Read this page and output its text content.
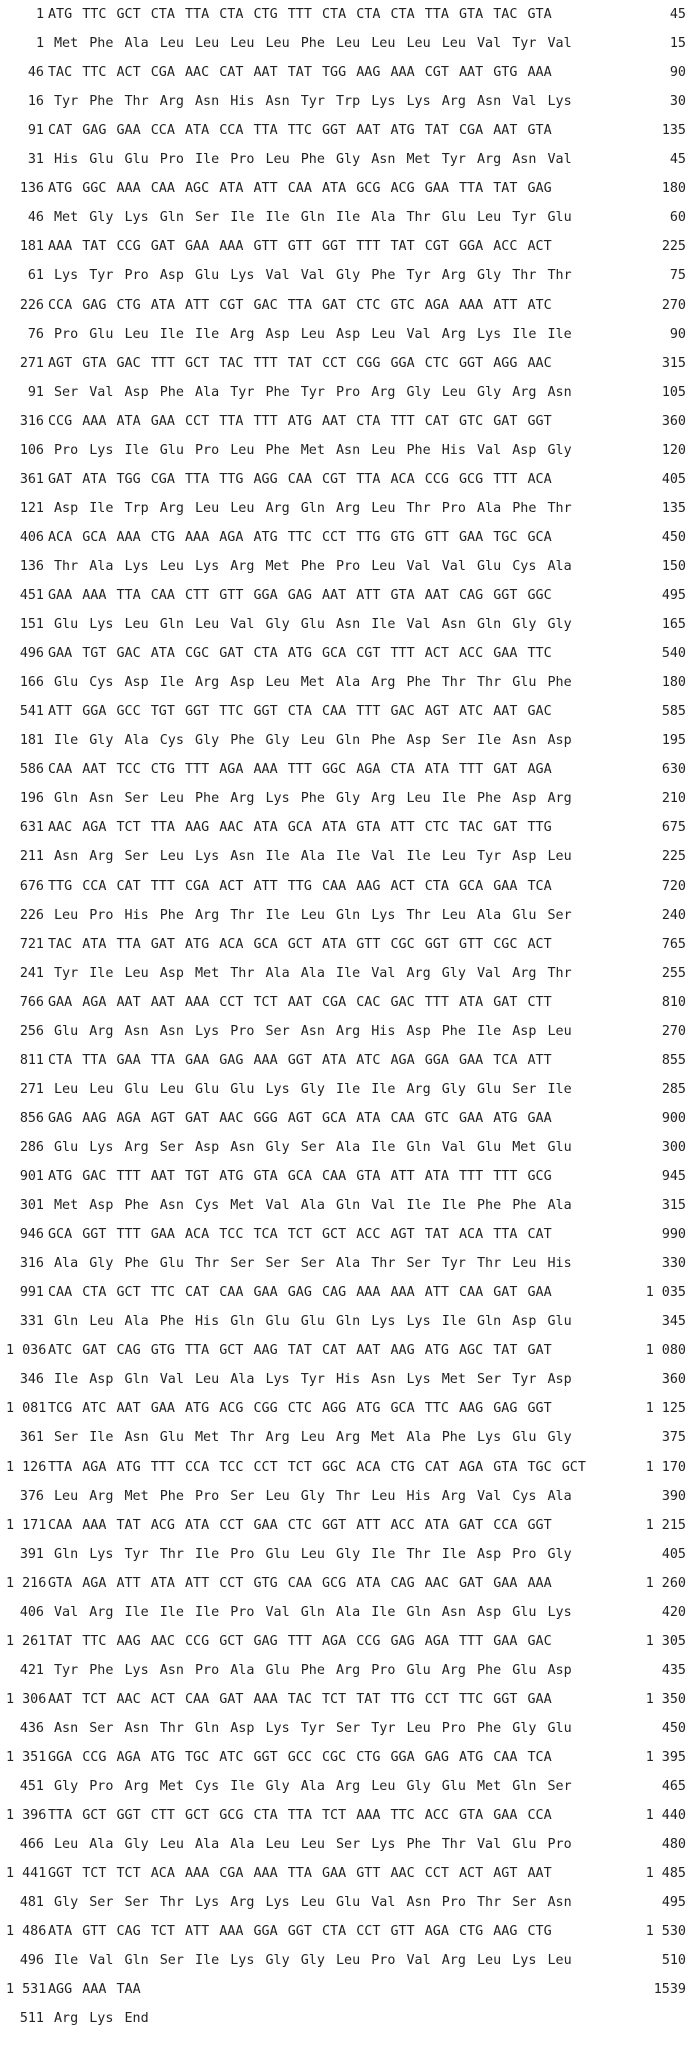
1 ATG TTC GCT CTA TTA CTA CTG TTT CTA CTA CTA TTA GTA TAC GTA	45
1 Met Phe Ala Leu Leu Leu Leu Phe Leu Leu Leu Leu Val Tyr Val	15
46 TAC TTC ACT CGA AAC CAT AAT TAT TGG AAG AAA CGT AAT GTG AAA	90
16 Tyr Phe Thr Arg Asn His Asn Tyr Trp Lys Lys Arg Asn Val Lys	30
91 CAT GAG GAA CCA ATA CCA TTA TTC GGT AAT ATG TAT CGA AAT GTA	135
31 His Glu Glu Pro Ile Pro Leu Phe Gly Asn Met Tyr Arg Asn Val	45
136 ATG GGC AAA CAA AGC ATA ATT CAA ATA GCG ACG GAA TTA TAT GAG	180
46 Met Gly Lys Gln Ser Ile Ile Gln Ile Ala Thr Glu Leu Tyr Glu	60
181 AAA TAT CCG GAT GAA AAA GTT GTT GGT TTT TAT CGT GGA ACC ACT	225
61 Lys Tyr Pro Asp Glu Lys Val Val Gly Phe Tyr Arg Gly Thr Thr	75
226 CCA GAG CTG ATA ATT CGT GAC TTA GAT CTC GTC AGA AAA ATT ATC	270
76 Pro Glu Leu Ile Ile Arg Asp Leu Asp Leu Val Arg Lys Ile Ile	90
271 AGT GTA GAC TTT GCT TAC TTT TAT CCT CGG GGA CTC GGT AGG AAC	315
91 Ser Val Asp Phe Ala Tyr Phe Tyr Pro Arg Gly Leu Gly Arg Asn	105
316 CCG AAA ATA GAA CCT TTA TTT ATG AAT CTA TTT CAT GTC GAT GGT	360
106 Pro Lys Ile Glu Pro Leu Phe Met Asn Leu Phe His Val Asp Gly	120
361 GAT ATA TGG CGA TTA TTG AGG CAA CGT TTA ACA CCG GCG TTT ACA	405
121 Asp Ile Trp Arg Leu Leu Arg Gln Arg Leu Thr Pro Ala Phe Thr	135
406 ACA GCA AAA CTG AAA AGA ATG TTC CCT TTG GTG GTT GAA TGC GCA	450
136 Thr Ala Lys Leu Lys Arg Met Phe Pro Leu Val Val Glu Cys Ala	150
451 GAA AAA TTA CAA CTT GTT GGA GAG AAT ATT GTA AAT CAG GGT GGC	495
151 Glu Lys Leu Gln Leu Val Gly Glu Asn Ile Val Asn Gln Gly Gly	165
496 GAA TGT GAC ATA CGC GAT CTA ATG GCA CGT TTT ACT ACC GAA TTC	540
166 Glu Cys Asp Ile Arg Asp Leu Met Ala Arg Phe Thr Thr Glu Phe	180
541 ATT GGA GCC TGT GGT TTC GGT CTA CAA TTT GAC AGT ATC AAT GAC	585
181 Ile Gly Ala Cys Gly Phe Gly Leu Gln Phe Asp Ser Ile Asn Asp	195
586 CAA AAT TCC CTG TTT AGA AAA TTT GGC AGA CTA ATA TTT GAT AGA	630
196 Gln Asn Ser Leu Phe Arg Lys Phe Gly Arg Leu Ile Phe Asp Arg	210
631 AAC AGA TCT TTA AAG AAC ATA GCA ATA GTA ATT CTC TAC GAT TTG	675
211 Asn Arg Ser Leu Lys Asn Ile Ala Ile Val Ile Leu Tyr Asp Leu	225
676 TTG CCA CAT TTT CGA ACT ATT TTG CAA AAG ACT CTA GCA GAA TCA	720
226 Leu Pro His Phe Arg Thr Ile Leu Gln Lys Thr Leu Ala Glu Ser	240
721 TAC ATA TTA GAT ATG ACA GCA GCT ATA GTT CGC GGT GTT CGC ACT	765
241 Tyr Ile Leu Asp Met Thr Ala Ala Ile Val Arg Gly Val Arg Thr	255
766 GAA AGA AAT AAT AAA CCT TCT AAT CGA CAC GAC TTT ATA GAT CTT	810
256 Glu Arg Asn Asn Lys Pro Ser Asn Arg His Asp Phe Ile Asp Leu	270
811 CTA TTA GAA TTA GAA GAG AAA GGT ATA ATC AGA GGA GAA TCA ATT	855
271 Leu Leu Glu Leu Glu Glu Lys Gly Ile Ile Arg Gly Glu Ser Ile	285
856 GAG AAG AGA AGT GAT AAC GGG AGT GCA ATA CAA GTC GAA ATG GAA	900
286 Glu Lys Arg Ser Asp Asn Gly Ser Ala Ile Gln Val Glu Met Glu	300
901 ATG GAC TTT AAT TGT ATG GTA GCA CAA GTA ATT ATA TTT TTT GCG	945
301 Met Asp Phe Asn Cys Met Val Ala Gln Val Ile Ile Phe Phe Ala	315
946 GCA GGT TTT GAA ACA TCC TCA TCT GCT ACC AGT TAT ACA TTA CAT	990
316 Ala Gly Phe Glu Thr Ser Ser Ser Ala Thr Ser Tyr Thr Leu His	330
991 CAA CTA GCT TTC CAT CAA GAA GAG CAG AAA AAA ATT CAA GAT GAA	1 035
331 Gln Leu Ala Phe His Gln Glu Glu Gln Lys Lys Ile Gln Asp Glu	345
1 036 ATC GAT CAG GTG TTA GCT AAG TAT CAT AAT AAG ATG AGC TAT GAT	1 080
346 Ile Asp Gln Val Leu Ala Lys Tyr His Asn Lys Met Ser Tyr Asp	360
1 081 TCG ATC AAT GAA ATG ACG CGG CTC AGG ATG GCA TTC AAG GAG GGT	1 125
361 Ser Ile Asn Glu Met Thr Arg Leu Arg Met Ala Phe Lys Glu Gly	375
1 126 TTA AGA ATG TTT CCA TCC CCT TCT GGC ACA CTG CAT AGA GTA TGC GCT	1 170
376 Leu Arg Met Phe Pro Ser Leu Gly Thr Leu His Arg Val Cys Ala	390
1 171 CAA AAA TAT ACG ATA CCT GAA CTC GGT ATT ACC ATA GAT CCA GGT	1 215
391 Gln Lys Tyr Thr Ile Pro Glu Leu Gly Ile Thr Ile Asp Pro Gly	405
1 216 GTA AGA ATT ATA ATT CCT GTG CAA GCG ATA CAG AAC GAT GAA AAA	1 260
406 Val Arg Ile Ile Ile Pro Val Gln Ala Ile Gln Asn Asp Glu Lys	420
1 261 TAT TTC AAG AAC CCG GCT GAG TTT AGA CCG GAG AGA TTT GAA GAC	1 305
421 Tyr Phe Lys Asn Pro Ala Glu Phe Arg Pro Glu Arg Phe Glu Asp	435
1 306 AAT TCT AAC ACT CAA GAT AAA TAC TCT TAT TTG CCT TTC GGT GAA	1 350
436 Asn Ser Asn Thr Gln Asp Lys Tyr Ser Tyr Leu Pro Phe Gly Glu	450
1 351 GGA CCG AGA ATG TGC ATC GGT GCC CGC CTG GGA GAG ATG CAA TCA	1 395
451 Gly Pro Arg Met Cys Ile Gly Ala Arg Leu Gly Glu Met Gln Ser	465
1 396 TTA GCT GGT CTT GCT GCG CTA TTA TCT AAA TTC ACC GTA GAA CCA	1 440
466 Leu Ala Gly Leu Ala Ala Leu Leu Ser Lys Phe Thr Val Glu Pro	480
1 441 GGT TCT TCT ACA AAA CGA AAA TTA GAA GTT AAC CCT ACT AGT AAT	1 485
481 Gly Ser Ser Thr Lys Arg Lys Leu Glu Val Asn Pro Thr Ser Asn	495
1 486 ATA GTT CAG TCT ATT AAA GGA GGT CTA CCT GTT AGA CTG AAG CTG	1 530
496 Ile Val Gln Ser Ile Lys Gly Gly Leu Pro Val Arg Leu Lys Leu	510
1 531 AGG AAA TAA	1539
511 Arg Lys End
